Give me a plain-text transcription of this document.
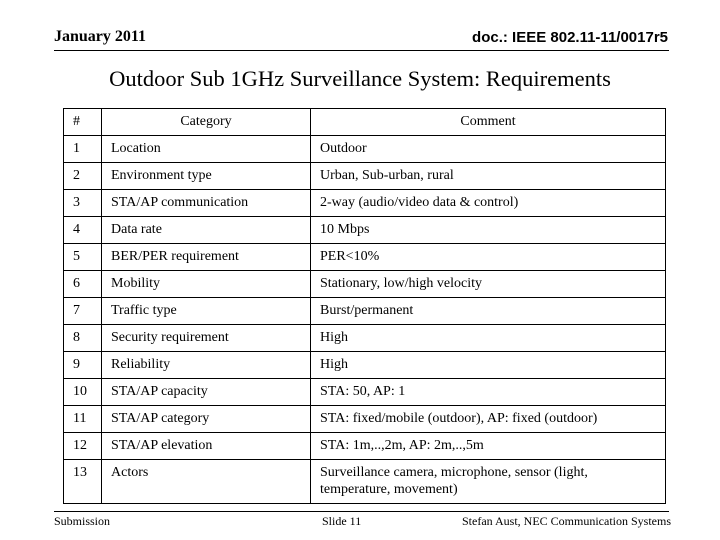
January 2011	doc.: IEEE 802.11-11/0017r5
Outdoor Sub 1GHz Surveillance System: Requirements
#	Category	Comment
1	Location	Outdoor
2	Environment type	Urban, Sub-urban, rural
3	STA/AP communication	2-way (audio/video data & control)
4	Data rate	10 Mbps
5	BER/PER requirement	PER<10%
6	Mobility	Stationary, low/high velocity
7	Traffic type	Burst/permanent
8	Security requirement	High
9	Reliability	High
10	STA/AP capacity	STA: 50, AP: 1
11	STA/AP category	STA: fixed/mobile (outdoor), AP: fixed (outdoor)
12	STA/AP elevation	STA: 1m,..,2m, AP: 2m,..,5m
13	Actors	Surveillance camera, microphone, sensor (light, temperature, movement)
Submission	Slide 11	Stefan Aust, NEC Communication Systems
